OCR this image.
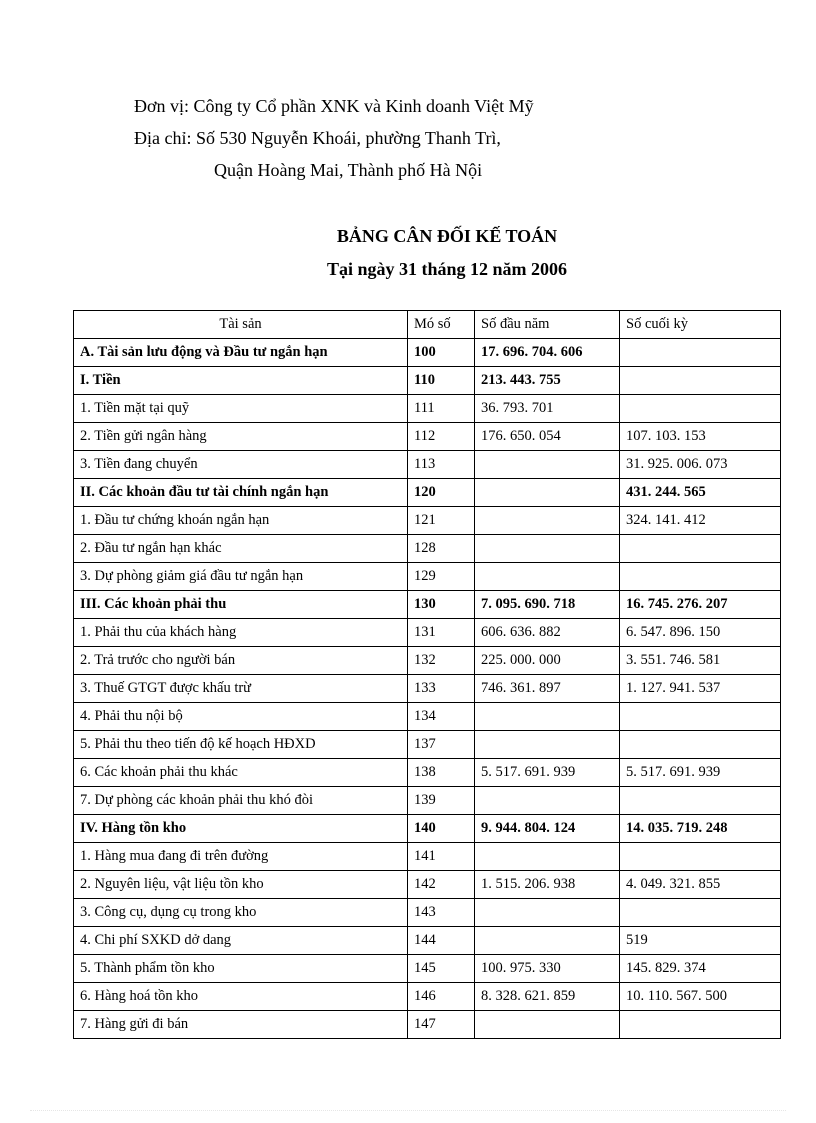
Đơn vị: Công ty Cổ phần XNK và Kinh doanh Việt Mỹ
Địa chỉ: Số 530 Nguyễn Khoái, phường Thanh Trì,
Quận Hoàng Mai, Thành phố Hà Nội
BẢNG CÂN ĐỐI KẾ TOÁN
Tại ngày 31 tháng 12 năm 2006
Tài sản	Mó số	Số đầu năm	Số cuối kỳ
A. Tài sản lưu động và Đầu tư ngắn hạn	100	17. 696. 704. 606	
I. Tiền	110	213. 443. 755	
1. Tiền mặt tại quỹ	111	36. 793. 701	
2. Tiền gửi ngân hàng	112	176. 650. 054	107. 103. 153
3. Tiền đang chuyển	113		31. 925. 006. 073
II. Các khoản đầu tư tài chính ngắn hạn	120		431. 244. 565
1. Đầu tư chứng khoán ngắn hạn	121		324. 141. 412
2. Đầu tư ngắn hạn khác	128		
3. Dự phòng giảm giá đầu tư ngắn hạn	129		
III. Các khoản phải thu	130	7. 095. 690. 718	16. 745. 276. 207
1. Phải thu của khách hàng	131	606. 636. 882	6. 547. 896. 150
2. Trả trước cho người bán	132	225. 000. 000	3. 551. 746. 581
3. Thuế GTGT được khấu trừ	133	746. 361. 897	1. 127. 941. 537
4. Phải thu nội bộ	134		
5. Phải thu theo tiến độ kế hoạch HĐXD	137		
6. Các khoản phải thu khác	138	5. 517. 691. 939	5. 517. 691. 939
7. Dự phòng các khoản phải thu khó đòi	139		
IV. Hàng tồn kho	140	9. 944. 804. 124	14. 035. 719. 248
1. Hàng mua đang đi trên đường	141		
2. Nguyên liệu, vật liệu tồn kho	142	1. 515. 206. 938	4. 049. 321. 855
3. Công cụ, dụng cụ trong kho	143		
4. Chi phí SXKD dở dang	144		519
5. Thành phẩm tồn kho	145	100. 975. 330	145. 829. 374
6. Hàng hoá tồn kho	146	8. 328. 621. 859	10. 110. 567. 500
7. Hàng gửi đi bán	147		
